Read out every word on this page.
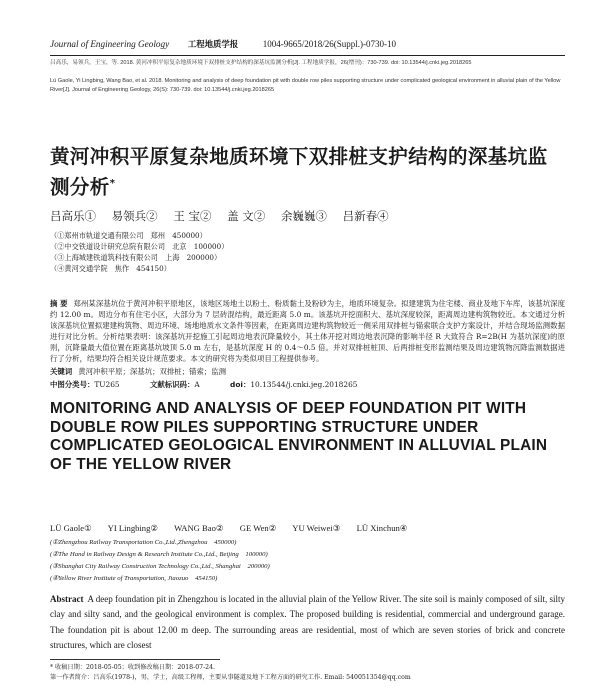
Journal of Engineering Geology 工程地质学报	1004-9665/2018/26(Suppl.)-0730-10
吕高乐，易领兵，王宝，等. 2018. 黄河冲积平原复杂地质环境下双排桩支护结构的深基坑监测分析[J]. 工程地质学报，26(增刊)：730-739. doi: 10.13544/j.cnki.jeg.2018265
Lü Gaole, Yi Lingbing, Wang Bao, et al. 2018. Monitoring and analysis of deep foundation pit with double row piles supporting structure under complicated geological environment in alluvial plain of the Yellow River[J]. Journal of Engineering Geology, 26(S): 730-739. doi: 10.13544/j.cnki.jeg.2018265
黄河冲积平原复杂地质环境下双排桩支护结构的深基坑监测分析*
吕高乐① 易领兵② 王 宝② 盖 文② 余巍巍③ 吕新春④
（①郑州市轨道交通有限公司　郑州　450000）
（②中交铁道设计研究总院有限公司　北京　100000）
（③上海城建铁道筑科技有限公司　上海　200000）
（④黄河交通学院　焦作　454150）
摘 要 郑州某深基坑位于黄河冲积平原地区，该地区场地土以粉土、粉质黏土及粉砂为主，地质环境复杂。拟建建筑为住宅楼、商业及地下车库，该基坑深度约 12.00 m。周边分布有住宅小区，大部分为 7 层砖混结构，最近距离 5.0 m。该基坑开挖面积大、基坑深度较深，距离周边建构筑物较近。本文通过分析该深基坑位置拟建建构筑物、周边环境、场地地质水文条件等因素，在距离周边建构筑物较近一侧采用双排桩与锚索联合支护方案设计，并结合现场监测数据进行对比分析。分析结果表明：该深基坑开挖施工引起周边地表沉降量较小，其土体开挖对周边地表沉降的影响半径 R 大致符合 R=2B(H 为基坑深度)的原则，沉降量最大值位置在距离基坑坡顶 5.0 m 左右，是基坑深度 H 的 0.4～0.5 倍。并对双排桩桩顶、后两排桩变形监测结果及周边建筑物沉降监测数据进行了分析，结果均符合相关设计规范要求。本文的研究将为类似项目工程提供参考。
关键词 黄河冲积平原；深基坑；双排桩；锚索；监测
中图分类号：TU265	文献标识码：A	doi：10.13544/j.cnki.jeg.2018265
MONITORING AND ANALYSIS OF DEEP FOUNDATION PIT WITH DOUBLE ROW PILES SUPPORTING STRUCTURE UNDER COMPLICATED GEOLOGICAL ENVIRONMENT IN ALLUVIAL PLAIN OF THE YELLOW RIVER
LÜ Gaole① YI Lingbing② WANG Bao② GE Wen② YU Weiwei③ LÜ Xinchun④
(①Zhengzhou Railway Transportation Co.,Ltd.,Zhengzhou　450000)
(②The Hand in Railway Design & Research Institute Co.,Ltd., Beijing　100000)
(③Shanghai City Railway Construction Technology Co.,Ltd., Shanghai　200000)
(④Yellow River Institute of Transportation, Jiaozuo　454150)
Abstract A deep foundation pit in Zhengzhou is located in the alluvial plain of the Yellow River. The site soil is mainly composed of silt, silty clay and silty sand, and the geological environment is complex. The proposed building is residential, commercial and underground garage. The foundation pit is about 12.00 m deep. The surrounding areas are residential, most of which are seven stories of brick and concrete structures, which are closest
* 收稿日期：2018-05-05；收到修改稿日期：2018-07-24.
第一作者简介：吕高乐(1978-)，男，学士，高级工程师，主要从事隧道及地下工程方面的研究工作. Email: 540051354@qq.com
